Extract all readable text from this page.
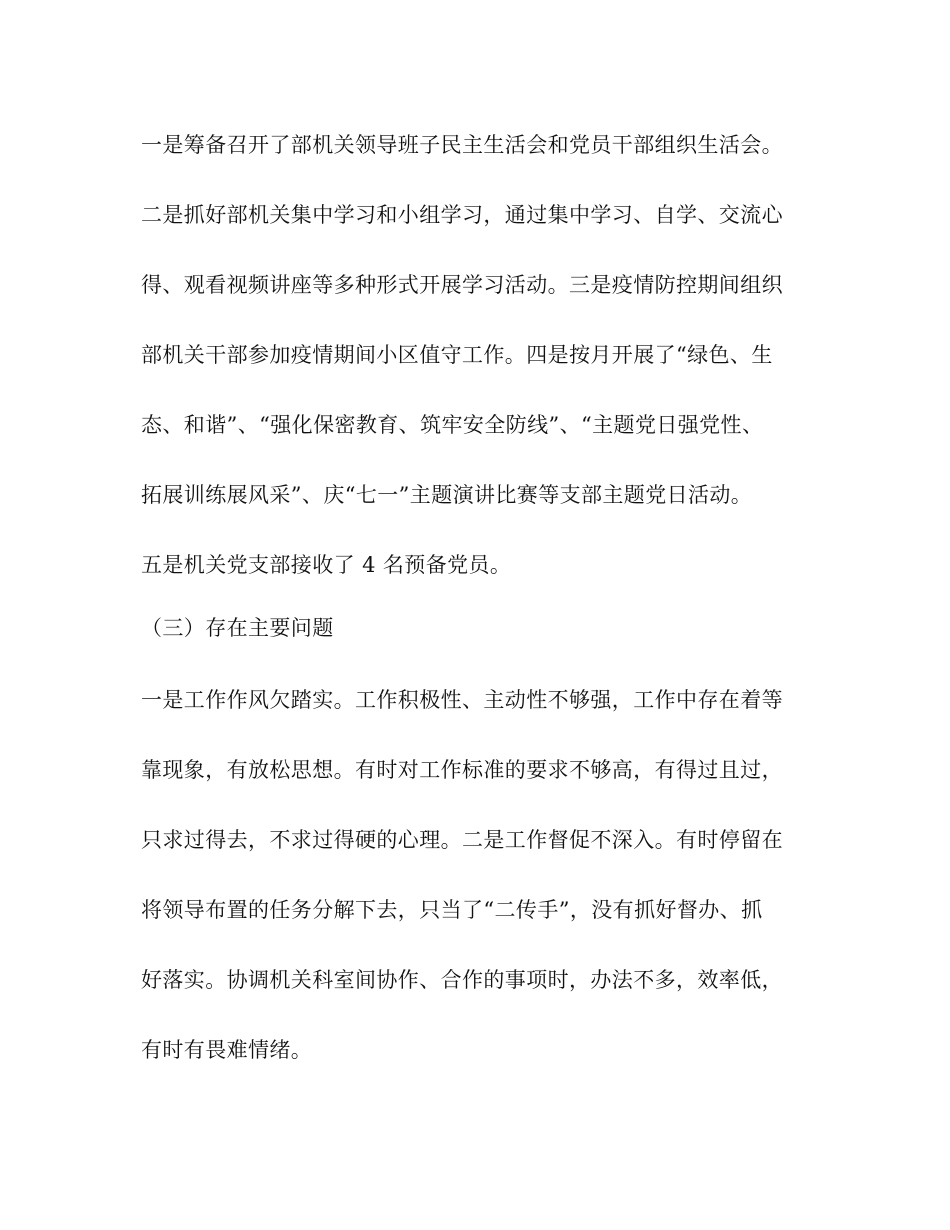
一是筹备召开了部机关领导班子民主生活会和党员干部组织生活会。
二是抓好部机关集中学习和小组学习，通过集中学习、自学、交流心
得、观看视频讲座等多种形式开展学习活动。三是疫情防控期间组织
部机关干部参加疫情期间小区值守工作。四是按月开展了“绿色、生
态、和谐”、“强化保密教育、筑牢安全防线”、“主题党日强党性、
拓展训练展风采”、庆“七一”主题演讲比赛等支部主题党日活动。
五是机关党支部接收了 4 名预备党员。
（三）存在主要问题
一是工作作风欠踏实。工作积极性、主动性不够强，工作中存在着等
靠现象，有放松思想。有时对工作标准的要求不够高，有得过且过，
只求过得去，不求过得硬的心理。二是工作督促不深入。有时停留在
将领导布置的任务分解下去，只当了“二传手”，没有抓好督办、抓
好落实。协调机关科室间协作、合作的事项时，办法不多，效率低，
有时有畏难情绪。
